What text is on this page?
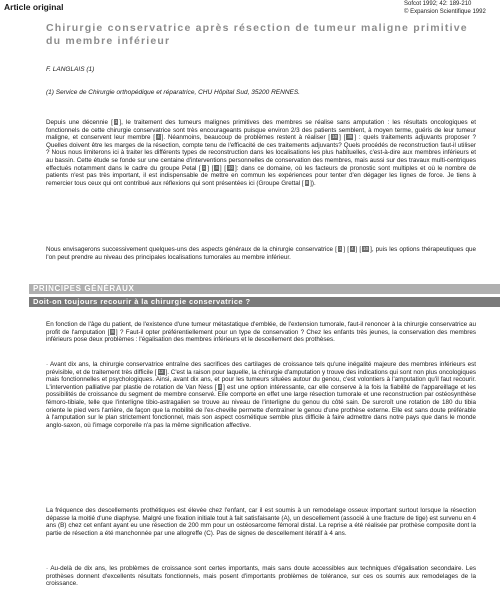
Article original	Sofcot 1992; 42: 189-210
© Expansion Scientifique 1992
Chirurgie conservatrice après résection de tumeur maligne primitive du membre inférieur
F. LANGLAIS (1)
(1) Service de Chirurgie orthopédique et réparatrice, CHU Hôpital Sud, 35200 RENNES.
Depuis une décennie [ 1 ], le traitement des tumeurs malignes primitives des membres se réalise sans amputation : les résultats oncologiques et fonctionnels de cette chirurgie conservatrice sont très encourageants puisque environ 2/3 des patients semblent, à moyen terme, guéris de leur tumeur maligne, et conservent leur membre [ 4 ]. Néanmoins, beaucoup de problèmes restent à réaliser [ 10 ] [ 35 ] : quels traitements adjuvants proposer ? Quelles doivent être les marges de la résection, compte tenu de l'efficacité de ces traitements adjuvants? Quels procédés de reconstruction faut-il utiliser ? Nous nous limiterons ici à traiter les différents types de reconstruction dans les localisations les plus habituelles, c'est-à-dire aux membres inférieurs et au bassin. Cette étude se fonde sur une centaine d'interventions personnelles de conservation des membres, mais aussi sur des travaux multi-centriques effectués notamment dans le cadre du groupe Petal [ 1 ] [ 4 ] [ 10 ]: dans ce domaine, où les facteurs de pronostic sont multiples et où le nombre de patients n'est pas très important, il est indispensable de mettre en commun les expériences pour tenter d'en dégager les lignes de force. Je tiens à remercier tous ceux qui ont contribué aux réflexions qui sont présentées ici (Groupe Grettal [ 8 ]).
Nous envisagerons successivement quelques-uns des aspects généraux de la chirurgie conservatrice [ 1 ] [ 4 ] [ 10 ], puis les options thérapeutiques que l'on peut prendre au niveau des principales localisations tumorales au membre inférieur.
PRINCIPES GÉNÉRAUX
Doit-on toujours recourir à la chirurgie conservatrice ?
En fonction de l'âge du patient, de l'existence d'une tumeur métastatique d'emblée, de l'extension tumorale, faut-il renoncer à la chirurgie conservatrice au profit de l'amputation [ 8 ] ? Faut-il opter préférentiellement pour un type de conservation ? Chez les enfants très jeunes, la conservation des membres inférieurs pose deux problèmes : l'égalisation des membres inférieurs et le descellement des prothèses.
· Avant dix ans, la chirurgie conservatrice entraîne des sacrifices des cartilages de croissance tels qu'une inégalité majeure des membres inférieurs est prévisible, et de traitement très difficile [ 12 ]. C'est la raison pour laquelle, la chirurgie d'amputation y trouve des indications qui sont non plus oncologiques mais fonctionnelles et psychologiques. Ainsi, avant dix ans, et pour les tumeurs situées autour du genou, c'est volontiers à l'amputation qu'il faut recourir. L'intervention palliative par plastie de rotation de Van Ness [ 4 ] est une option intéressante, car elle conserve à la fois la fiabilité de l'appareillage et les possibilités de croissance du segment de membre conservé. Elle comporte en effet une large résection tumorale et une reconstruction par ostéosynthèse fémoro-tibiale, telle que l'interligne tibio-astragalien se trouve au niveau de l'interligne du genou du côté sain. De surcroît une rotation de 180 du tibia oriente le pied vers l'arrière, de façon que la mobilité de l'ex-cheville permette d'entraîner le genou d'une prothèse externe. Elle est sans doute préférable à l'amputation sur le plan strictement fonctionnel, mais son aspect cosmétique semble plus difficile à faire admettre dans notre pays que dans le monde anglo-saxon, où l'image corporelle n'a pas la même signification affective.
La fréquence des descellements prothétiques est élevée chez l'enfant, car il est soumis à un remodelage osseux important surtout lorsque la résection dépasse la moitié d'une diaphyse. Malgré une fixation initiale tout à fait satisfaisante (A), un descellement (associé à une fracture de tige) est survenu en 4 ans (B) chez cet enfant ayant eu une résection de 200 mm pour un ostéosarcome fémoral distal. La reprise a été réalisée par prothèse composite dont la partie de résection a été manchonnée par une allogreffe (C). Pas de signes de descellement itératif à 4 ans.
· Au-delà de dix ans, les problèmes de croissance sont certes importants, mais sans doute accessibles aux techniques d'égalisation secondaire. Les prothèses donnent d'excellents résultats fonctionnels, mais posent d'importants problèmes de tolérance, sur ces os soumis aux remodelages de la croissance.
